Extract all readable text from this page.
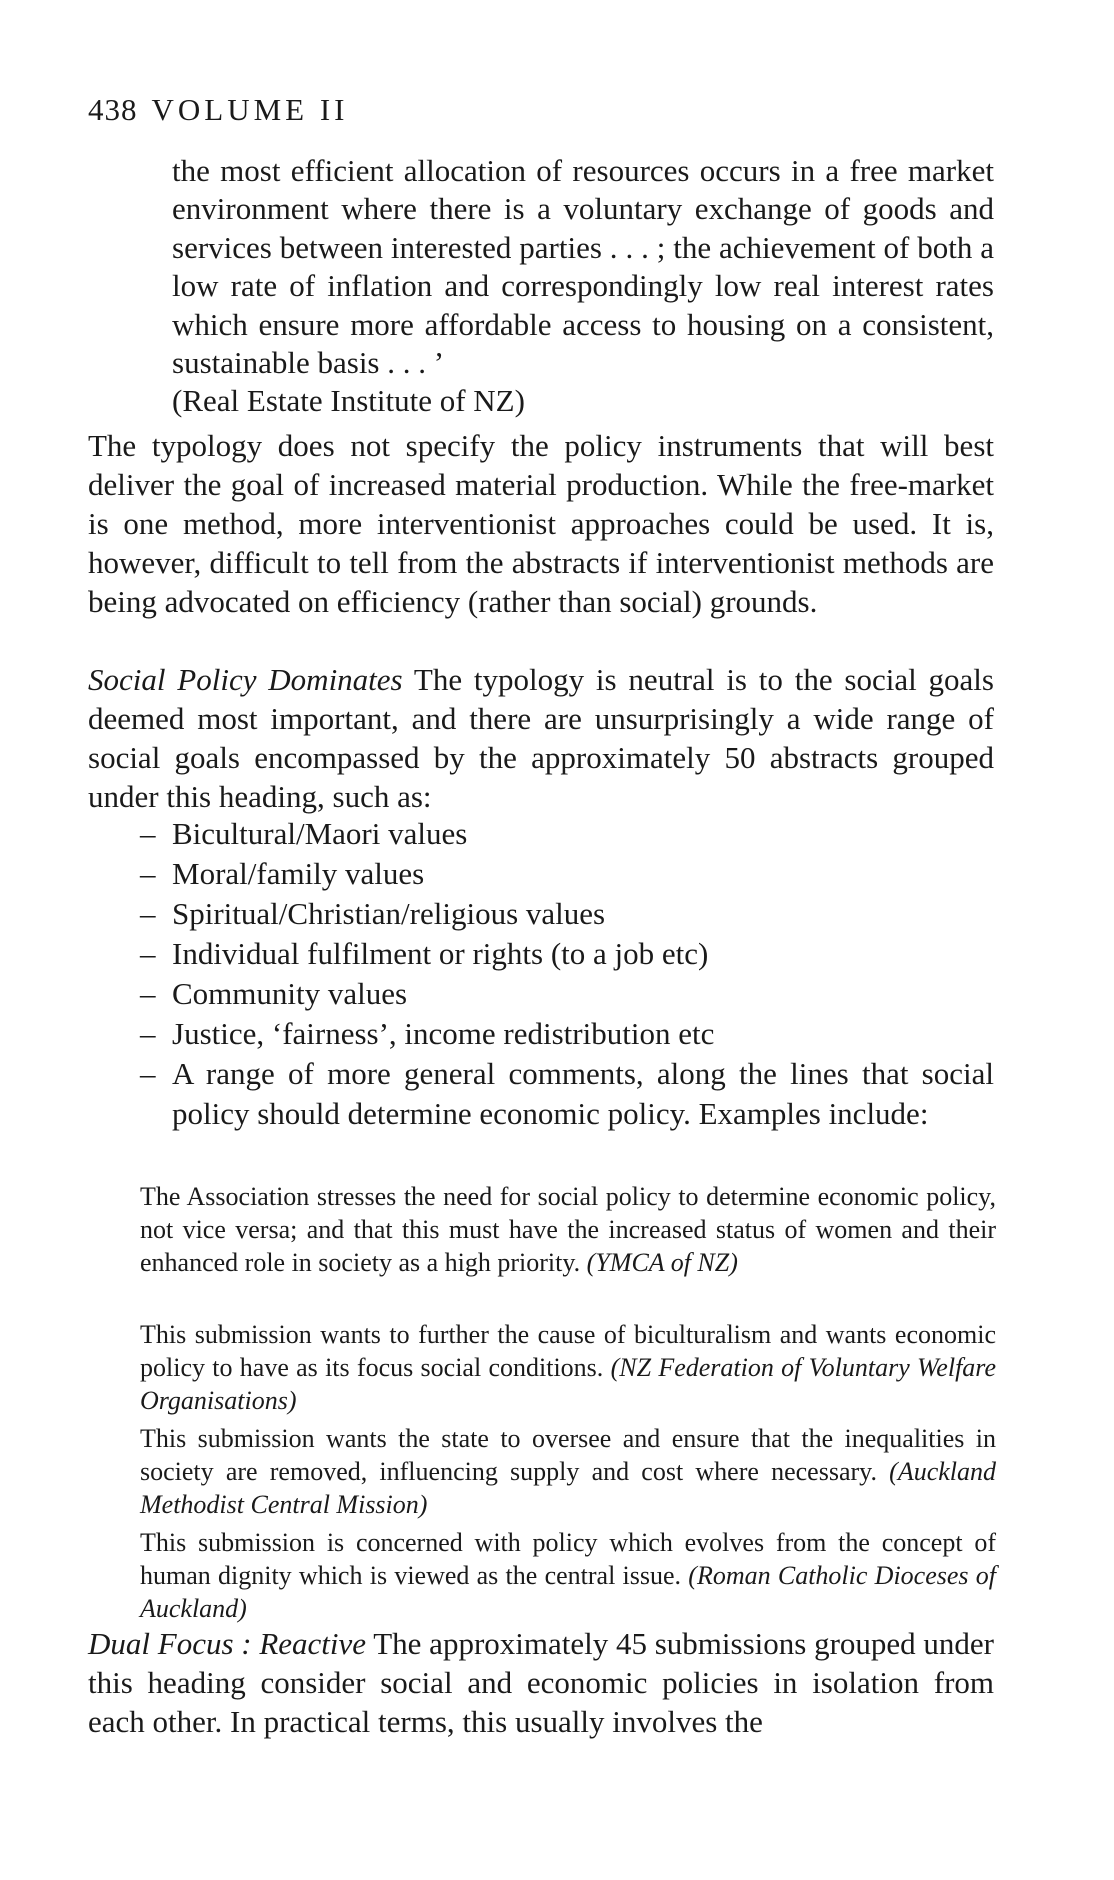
438 VOLUME II
the most efficient allocation of resources occurs in a free market environment where there is a voluntary exchange of goods and services between interested parties . . . ; the achievement of both a low rate of inflation and correspondingly low real interest rates which ensure more affordable access to housing on a consistent, sustainable basis . . . ’
(Real Estate Institute of NZ)
The typology does not specify the policy instruments that will best deliver the goal of increased material production. While the free-market is one method, more interventionist approaches could be used. It is, however, difficult to tell from the abstracts if interventionist methods are being advocated on efficiency (rather than social) grounds.
Social Policy Dominates The typology is neutral is to the social goals deemed most important, and there are unsurprisingly a wide range of social goals encompassed by the approximately 50 abstracts grouped under this heading, such as:
– Bicultural/Maori values
– Moral/family values
– Spiritual/Christian/religious values
– Individual fulfilment or rights (to a job etc)
– Community values
– Justice, ‘fairness’, income redistribution etc
– A range of more general comments, along the lines that social policy should determine economic policy. Examples include:
The Association stresses the need for social policy to determine economic policy, not vice versa; and that this must have the increased status of women and their enhanced role in society as a high priority. (YMCA of NZ)
This submission wants to further the cause of biculturalism and wants economic policy to have as its focus social conditions. (NZ Federation of Voluntary Welfare Organisations)
This submission wants the state to oversee and ensure that the inequalities in society are removed, influencing supply and cost where necessary. (Auckland Methodist Central Mission)
This submission is concerned with policy which evolves from the concept of human dignity which is viewed as the central issue. (Roman Catholic Dioceses of Auckland)
Dual Focus : Reactive The approximately 45 submissions grouped under this heading consider social and economic policies in isolation from each other. In practical terms, this usually involves the
